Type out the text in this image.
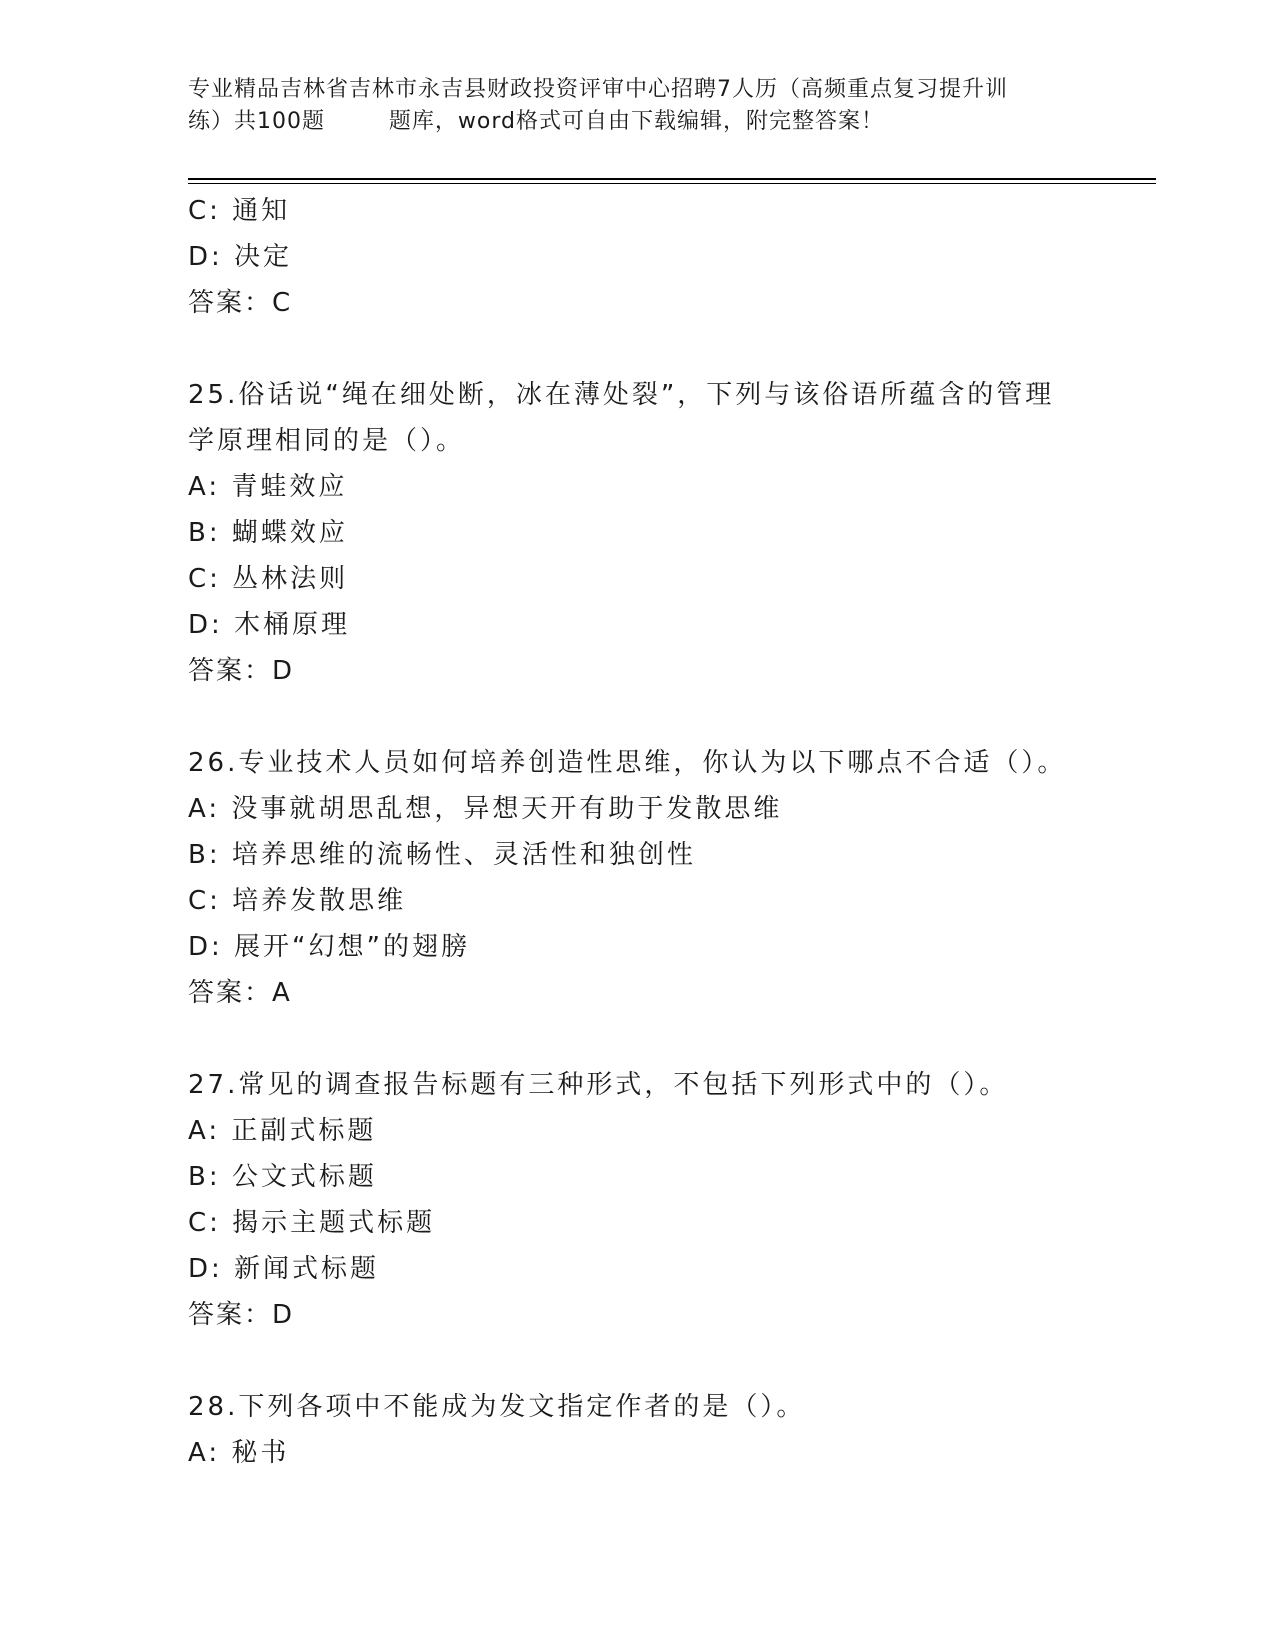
专业精品吉林省吉林市永吉县财政投资评审中心招聘7人历（高频重点复习提升训
练）共100题        题库，word格式可自由下载编辑，附完整答案！
C: 通知
D: 决定
答案：C
25.俗话说“绳在细处断，冰在薄处裂”，下列与该俗语所蕴含的管理
学原理相同的是（）。
A: 青蛙效应
B: 蝴蝶效应
C: 丛林法则
D: 木桶原理
答案：D
26.专业技术人员如何培养创造性思维，你认为以下哪点不合适（）。
A: 没事就胡思乱想，异想天开有助于发散思维
B: 培养思维的流畅性、灵活性和独创性
C: 培养发散思维
D: 展开“幻想”的翅膀
答案：A
27.常见的调查报告标题有三种形式，不包括下列形式中的（）。
A: 正副式标题
B: 公文式标题
C: 揭示主题式标题
D: 新闻式标题
答案：D
28.下列各项中不能成为发文指定作者的是（）。
A: 秘书
